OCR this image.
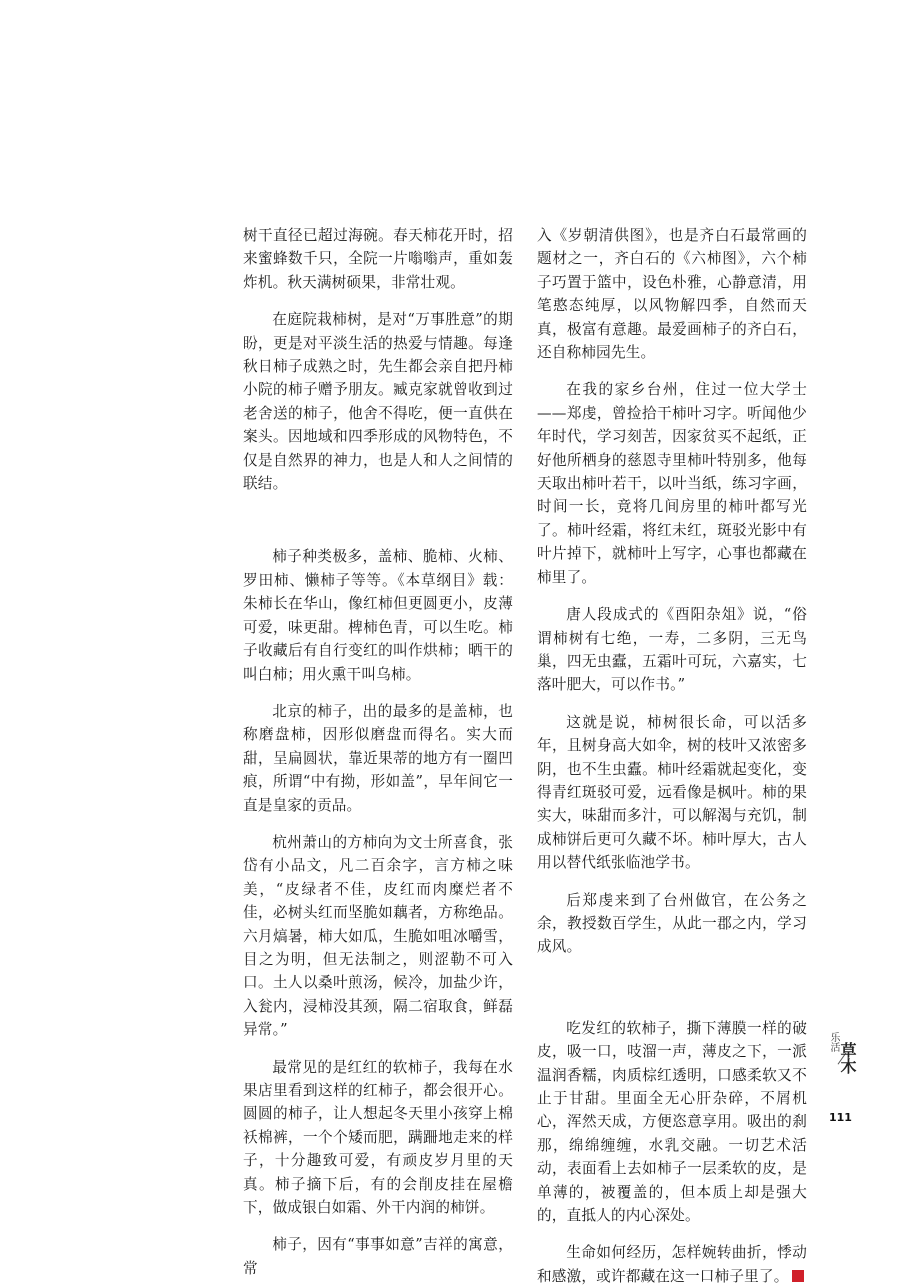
树干直径已超过海碗。春天柿花开时，招来蜜蜂数千只，全院一片嗡嗡声，重如轰炸机。秋天满树硕果，非常壮观。

在庭院栽柿树，是对“万事胜意”的期盼，更是对平淡生活的热爱与情趣。每逢秋日柿子成熟之时，先生都会亲自把丹柿小院的柿子赠予朋友。臧克家就曾收到过老舍送的柿子，他舍不得吃，便一直供在案头。因地域和四季形成的风物特色，不仅是自然界的神力，也是人和人之间情的联结。

柿子种类极多，盖柿、脆柿、火柿、罗田柿、懒柿子等等。《本草纲目》载：朱柿长在华山，像红柿但更圆更小，皮薄可爱，味更甜。椑柿色青，可以生吃。柿子收藏后有自行变红的叫作烘柿；晒干的叫白柿；用火熏干叫乌柿。

北京的柿子，出的最多的是盖柿，也称磨盘柿，因形似磨盘而得名。实大而甜，呈扁圆状，靠近果蒂的地方有一圈凹痕，所谓“中有拗，形如盖”，早年间它一直是皇家的贡品。

杭州萧山的方柿向为文士所喜食，张岱有小品文，凡二百余字，言方柿之味美，“皮绿者不佳，皮红而肉糜烂者不佳，必树头红而坚脆如藕者，方称绝品。六月熇暑，柿大如瓜，生脆如咀冰嚼雪，目之为明，但无法制之，则涩勒不可入口。土人以桑叶煎汤，候冷，加盐少许，入瓮内，浸柿没其颈，隔二宿取食，鲜磊异常。”

最常见的是红红的软柿子，我每在水果店里看到这样的红柿子，都会很开心。圆圆的柿子，让人想起冬天里小孩穿上棉袄棉裤，一个个矮而肥，蹒跚地走来的样子，十分趣致可爱，有顽皮岁月里的天真。柿子摘下后，有的会削皮挂在屋檐下，做成银白如霜、外干内润的柿饼。

柿子，因有“事事如意”吉祥的寓意，常

入《岁朝清供图》，也是齐白石最常画的题材之一，齐白石的《六柿图》，六个柿子巧置于篮中，设色朴雅，心静意清，用笔憨态纯厚，以风物解四季，自然而天真，极富有意趣。最爱画柿子的齐白石，还自称柿园先生。

在我的家乡台州，住过一位大学士——郑虔，曾捡拾干柿叶习字。听闻他少年时代，学习刻苦，因家贫买不起纸，正好他所栖身的慈恩寺里柿叶特别多，他每天取出柿叶若干，以叶当纸，练习字画，时间一长，竟将几间房里的柿叶都写光了。柿叶经霜，将红未红，斑驳光影中有叶片掉下，就柿叶上写字，心事也都藏在柿里了。

唐人段成式的《酉阳杂俎》说，“俗谓柿树有七绝，一寿，二多阴，三无鸟巢，四无虫蠹，五霜叶可玩，六嘉实，七落叶肥大，可以作书。”

这就是说，柿树很长命，可以活多年，且树身高大如伞，树的枝叶又浓密多阴，也不生虫蠹。柿叶经霜就起变化，变得青红斑驳可爱，远看像是枫叶。柿的果实大，味甜而多汁，可以解渴与充饥，制成柿饼后更可久藏不坏。柿叶厚大，古人用以替代纸张临池学书。

后郑虔来到了台州做官，在公务之余，教授数百学生，从此一郡之内，学习成风。

吃发红的软柿子，撕下薄膜一样的破皮，吸一口，吱溜一声，薄皮之下，一派温润香糯，肉质棕红透明，口感柔软又不止于甘甜。里面全无心肝杂碎，不屑机心，浑然天成，方便恣意享用。吸出的刹那，绵绵缠缠，水乳交融。一切艺术活动，表面看上去如柿子一层柔软的皮，是单薄的，被覆盖的，但本质上却是强大的，直抵人的内心深处。

生命如何经历，怎样婉转曲折，悸动和感激，或许都藏在这一口柿子里了。

乐活 草木
111
